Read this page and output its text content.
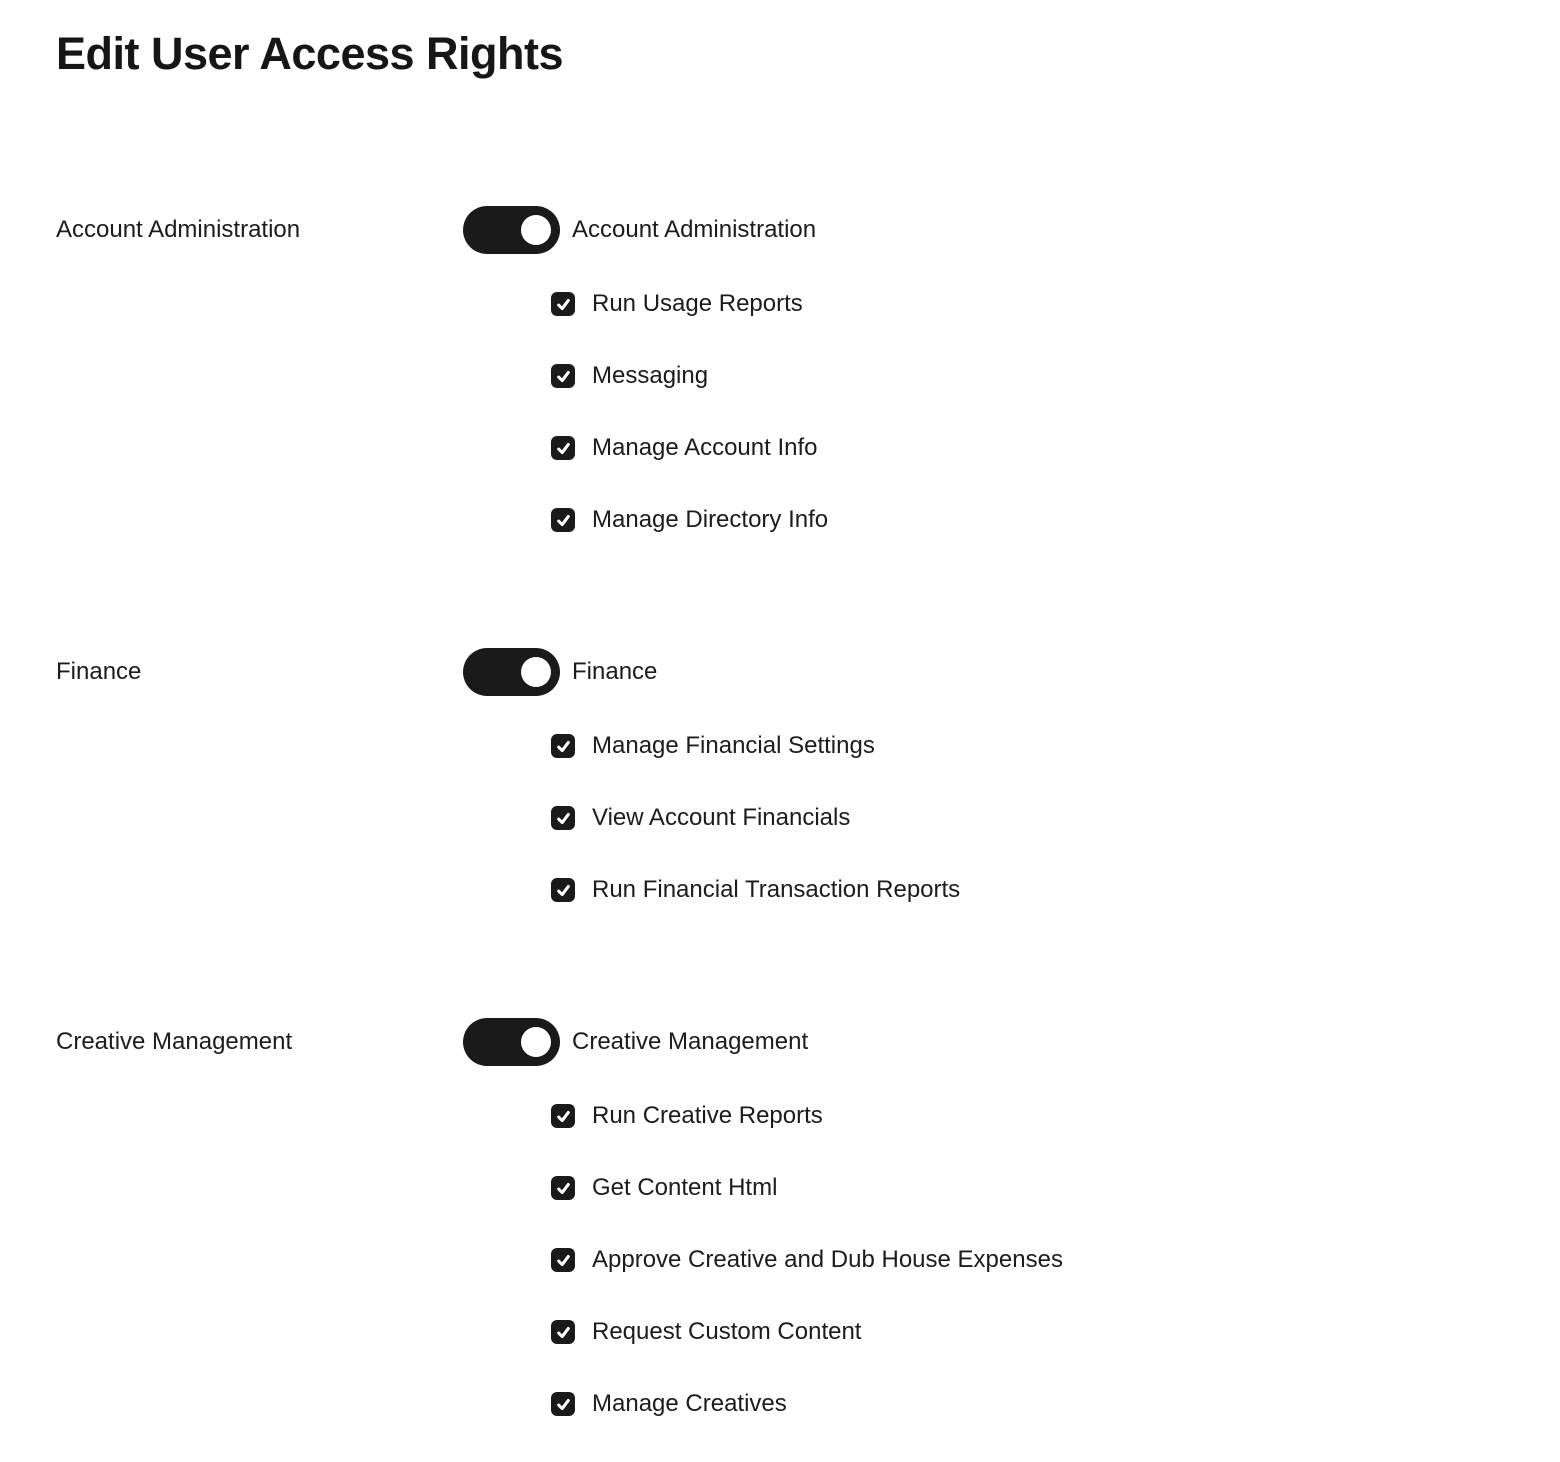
Edit User Access Rights
Account Administration	Account Administration
Run Usage Reports
Messaging
Manage Account Info
Manage Directory Info
Finance	Finance
Manage Financial Settings
View Account Financials
Run Financial Transaction Reports
Creative Management	Creative Management
Run Creative Reports
Get Content Html
Approve Creative and Dub House Expenses
Request Custom Content
Manage Creatives
